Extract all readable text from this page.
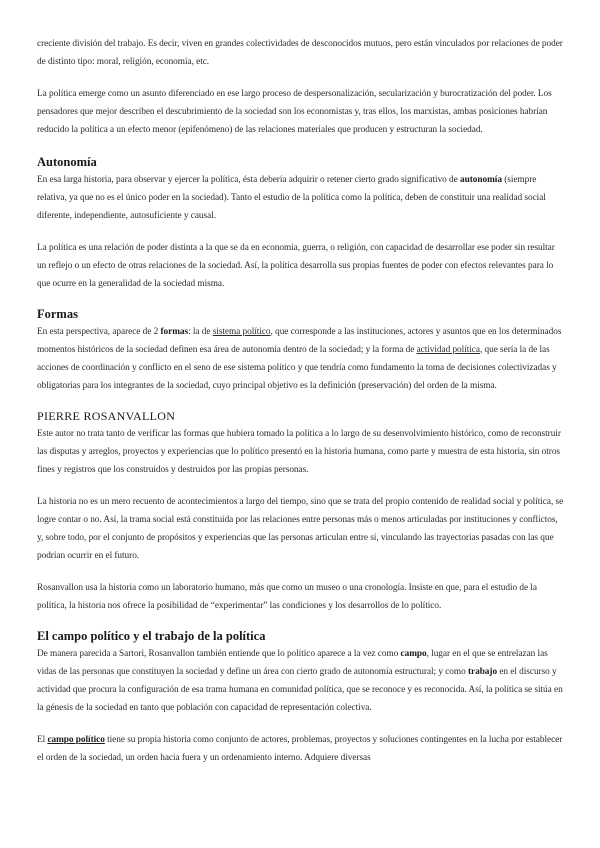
creciente división del trabajo. Es decir, viven en grandes colectividades de desconocidos mutuos, pero están vinculados por relaciones de poder de distinto tipo: moral, religión, economía, etc.

La política emerge como un asunto diferenciado en ese largo proceso de despersonalización, secularización y burocratización del poder. Los pensadores que mejor describen el descubrimiento de la sociedad son los economistas y, tras ellos, los marxistas, ambas posiciones habrían reducido la política a un efecto menor (epifenómeno) de las relaciones materiales que producen y estructuran la sociedad.

Autonomía

En esa larga historia, para observar y ejercer la política, ésta debería adquirir o retener cierto grado significativo de autonomía (siempre relativa, ya que no es el único poder en la sociedad). Tanto el estudio de la política como la política, deben de constituir una realidad social diferente, independiente, autosuficiente y causal.

La política es una relación de poder distinta a la que se da en economía, guerra, o religión, con capacidad de desarrollar ese poder sin resultar un reflejo o un efecto de otras relaciones de la sociedad. Así, la política desarrolla sus propias fuentes de poder con efectos relevantes para lo que ocurre en la generalidad de la sociedad misma.

Formas

En esta perspectiva, aparece de 2 formas: la de sistema político, que corresponde a las instituciones, actores y asuntos que en los determinados momentos históricos de la sociedad definen esa área de autonomía dentro de la sociedad; y la forma de actividad política, que sería la de las acciones de coordinación y conflicto en el seno de ese sistema político y que tendría como fundamento la toma de decisiones colectivizadas y obligatorias para los integrantes de la sociedad, cuyo principal objetivo es la definición (preservación) del orden de la misma.

PIERRE ROSANVALLON

Este autor no trata tanto de verificar las formas que hubiera tomado la política a lo largo de su desenvolvimiento histórico, como de reconstruir las disputas y arreglos, proyectos y experiencias que lo político presentó en la historia humana, como parte y muestra de esta historia, sin otros fines y registros que los construidos y destruidos por las propias personas.

La historia no es un mero recuento de acontecimientos a largo del tiempo, sino que se trata del propio contenido de realidad social y política, se logre contar o no. Así, la trama social está constituida por las relaciones entre personas más o menos articuladas por instituciones y conflictos, y, sobre todo, por el conjunto de propósitos y experiencias que las personas articulan entre sí, vinculando las trayectorias pasadas con las que podrían ocurrir en el futuro.

Rosanvallon usa la historia como un laboratorio humano, más que como un museo o una cronología. Insiste en que, para el estudio de la política, la historia nos ofrece la posibilidad de “experimentar” las condiciones y los desarrollos de lo político.

El campo político y el trabajo de la política

De manera parecida a Sartori, Rosanvallon también entiende que lo político aparece a la vez como campo, lugar en el que se entrelazan las vidas de las personas que constituyen la sociedad y define un área con cierto grado de autonomía estructural; y como trabajo en el discurso y actividad que procura la configuración de esa trama humana en comunidad política, que se reconoce y es reconocida. Así, la política se sitúa en la génesis de la sociedad en tanto que población con capacidad de representación colectiva.

El campo político tiene su propia historia como conjunto de actores, problemas, proyectos y soluciones contingentes en la lucha por establecer el orden de la sociedad, un orden hacia fuera y un ordenamiento interno. Adquiere diversas
